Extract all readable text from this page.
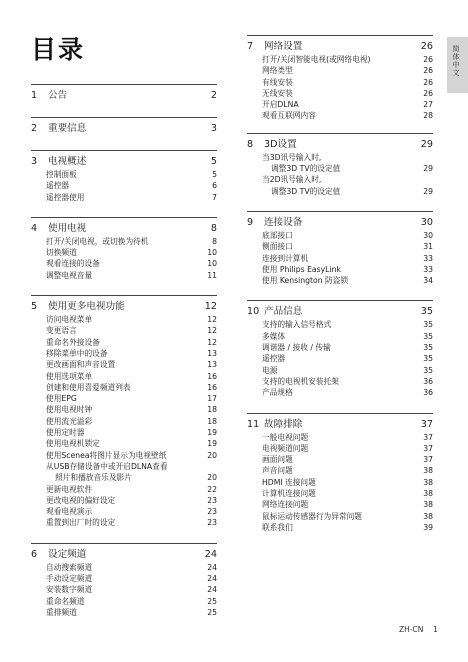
目录	简体中文
1 公告	2
2 重要信息	3
3 电视概述	5
控制面板	5
遥控器	6
遥控器使用	7
4 使用电视	8
打开/关闭电视，或切换为待机	8
切换频道	10
观看连接的设备	10
调整电视音量	11
5 使用更多电视功能	12
访问电视菜单	12
变更语言	12
重命名外接设备	12
移除菜单中的设备	13
更改画面和声音设置	13
使用选项菜单	16
创建和使用喜爱频道列表	16
使用EPG	17
使用电视时钟	18
使用流光溢彩	18
使用定时器	19
使用电视机锁定	19
使用Scenea将图片显示为电视壁纸	20
从USB存储设备中或开启DLNA查看
照片和播放音乐及影片	20
更新电视软件	22
更改电视的偏好设定	23
观看电视演示	23
重置到出厂时的设定	23
6 设定频道	24
自动搜索频道	24
手动设定频道	24
安装数字频道	24
重命名频道	25
重排频道	25
7 网络设置	26
打开/关闭智能电视(或网络电视)	26
网络类型	26
有线安装	26
无线安装	26
开启DLNA	27
观看互联网内容	28
8 3D设置	29
当3D讯号输入时,
调整3D TV的设定值	29
当2D讯号输入时,
调整3D TV的设定值	29
9 连接设备	30
底部接口	30
侧面接口	31
连接到计算机	33
使用 Philips EasyLink	33
使用 Kensington 防盗锁	34
10 产品信息	35
支持的输入信号格式	35
多媒体	35
调谐器 / 接收 / 传输	35
遥控器	35
电源	35
支持的电视机安装托架	36
产品规格	36
11 故障排除	37
一般电视问题	37
电视频道问题	37
画面问题	37
声音问题	38
HDMI 连接问题	38
计算机连接问题	38
网络连接问题	38
鼠标运动传感器行为异常问题	38
联系我们	39
ZH-CN 1
